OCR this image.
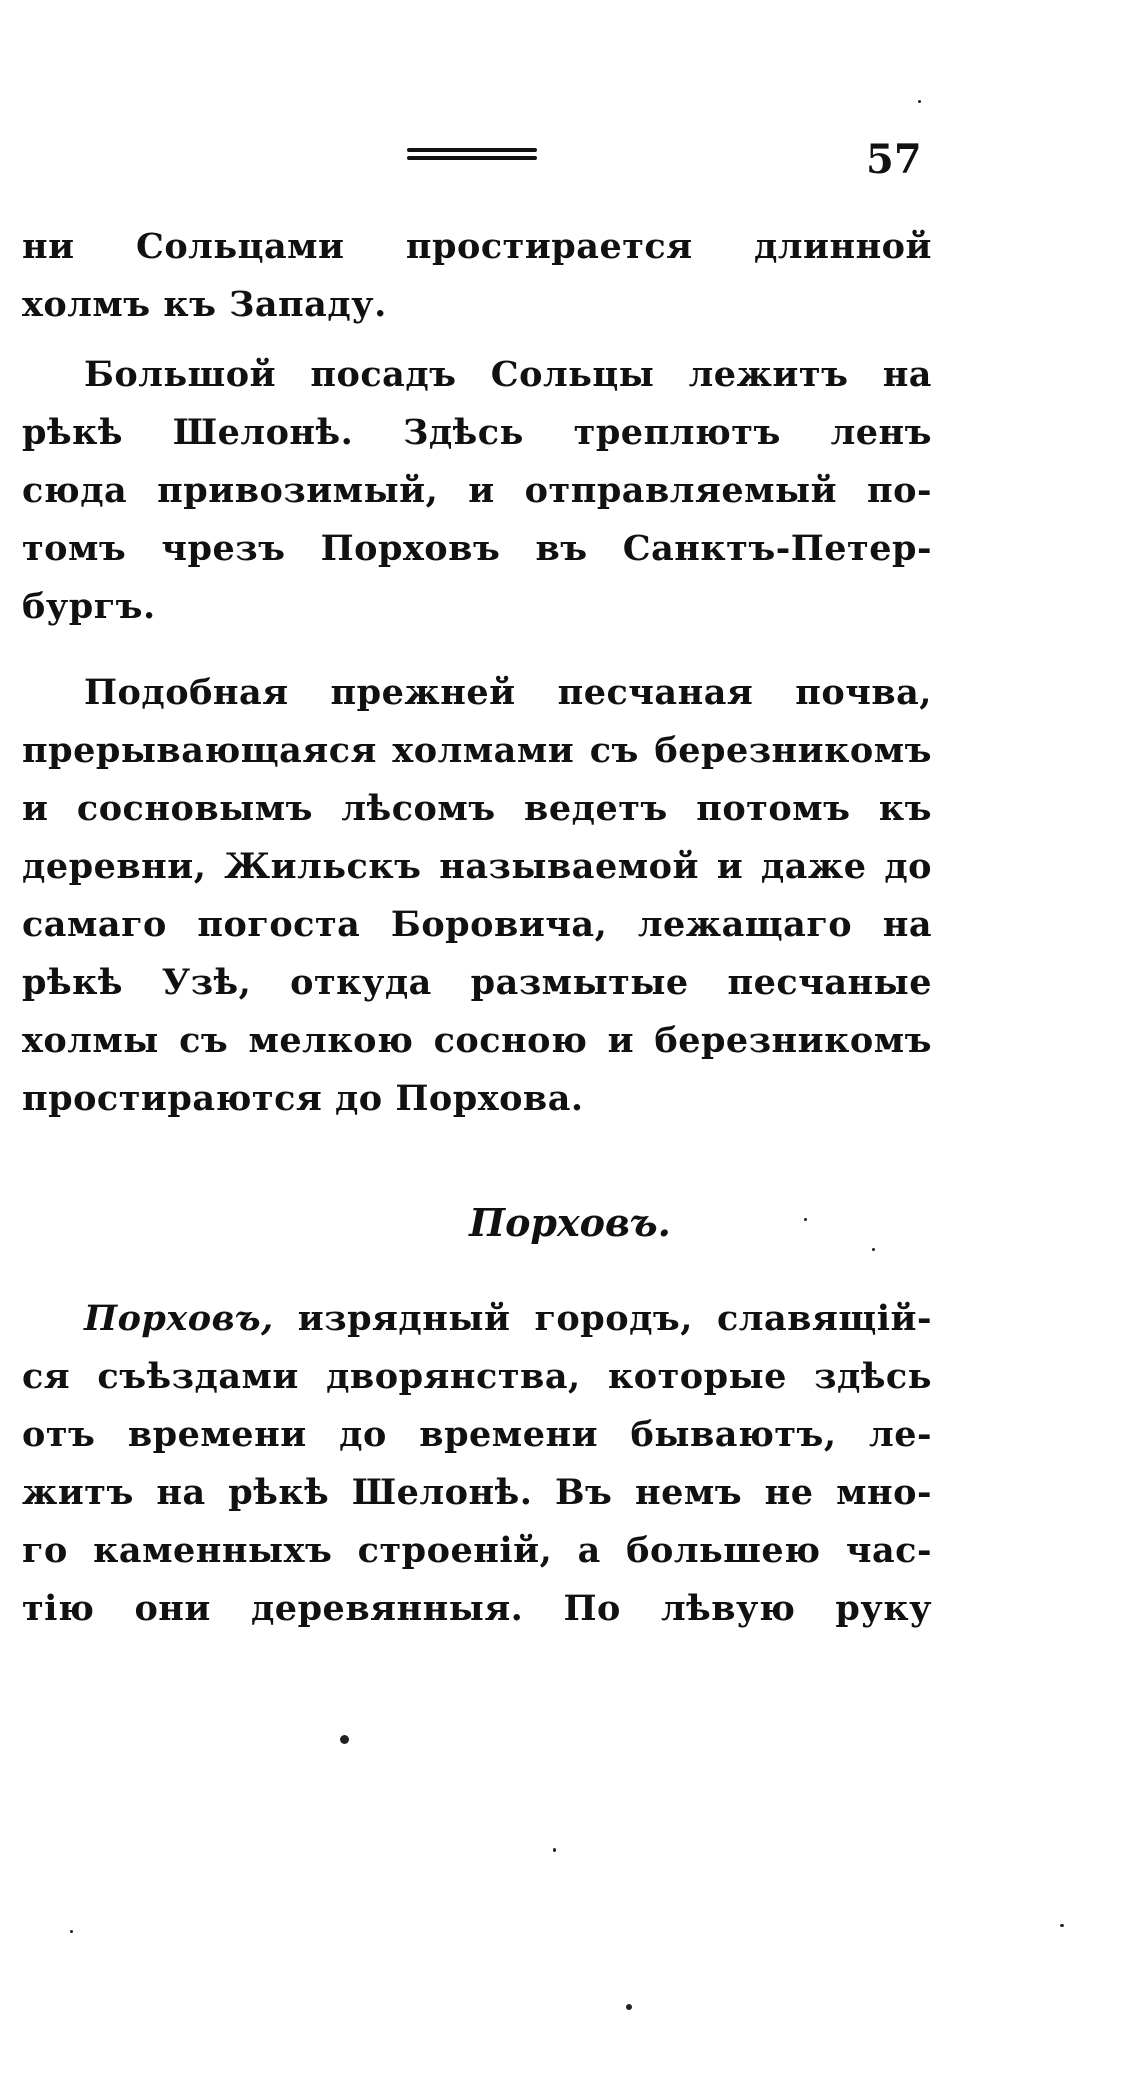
57
ни Сольцами простирается длинной
холмъ къ Западу.
Большой посадъ Сольцы лежитъ на
рѣкѣ Шелонѣ. Здѣсь треплютъ ленъ
сюда привозимый, и отправляемый по-
томъ чрезъ Порховъ въ Санктъ-Петер-
бургъ.
Подобная прежней песчаная почва,
прерывающаяся холмами съ березникомъ
и сосновымъ лѣсомъ ведетъ потомъ къ
деревни, Жильскъ называемой и даже до
самаго погоста Боровича, лежащаго на
рѣкѣ Узѣ, откуда размытые песчаные
холмы съ мелкою сосною и березникомъ
простираются до Порхова.
Порховъ.
Порховъ, изрядный городъ, славящій-
ся съѣздами дворянства, которые здѣсь
отъ времени до времени бываютъ, ле-
житъ на рѣкѣ Шелонѣ. Въ немъ не мно-
го каменныхъ строеній, а большею час-
тію они деревянныя. По лѣвую руку
